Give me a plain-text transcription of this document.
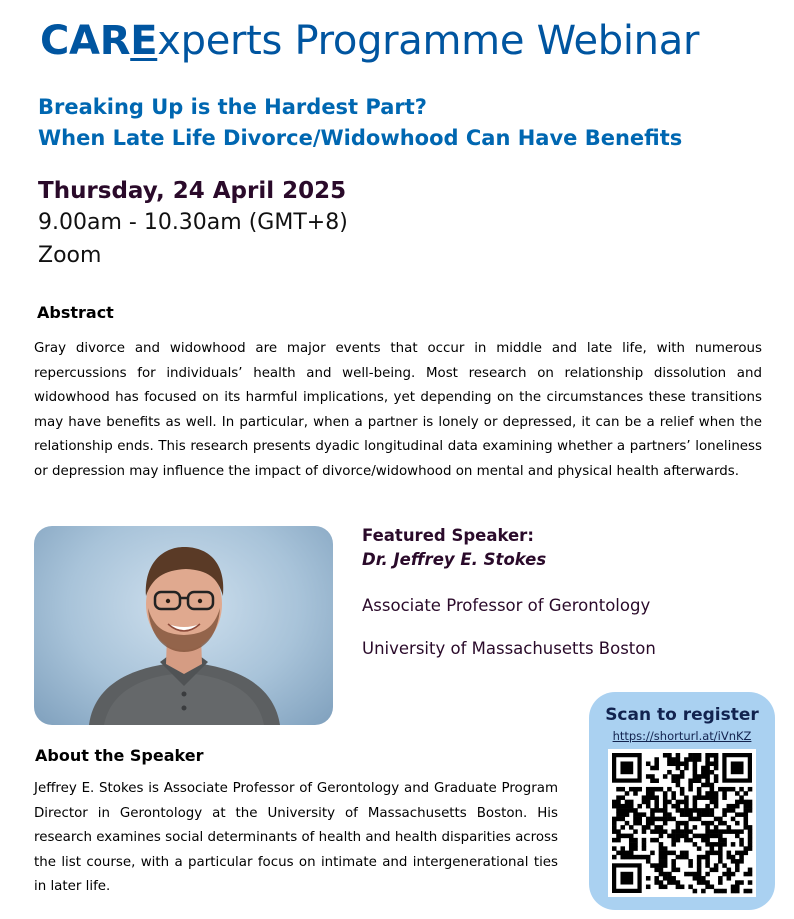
CARExperts Programme Webinar
Breaking Up is the Hardest Part?
When Late Life Divorce/Widowhood Can Have Benefits
Thursday, 24 April 2025
9.00am - 10.30am (GMT+8)
Zoom
Abstract

Gray divorce and widowhood are major events that occur in middle and late life, with numerous repercussions for individuals’ health and well-being. Most research on relationship dissolution and widowhood has focused on its harmful implications, yet depending on the circumstances these transitions may have benefits as well. In particular, when a partner is lonely or depressed, it can be a relief when the relationship ends. This research presents dyadic longitudinal data examining whether a partners’ loneliness or depression may influence the impact of divorce/widowhood on mental and physical health afterwards.

Featured Speaker:
Dr. Jeffrey E. Stokes
Associate Professor of Gerontology
University of Massachusetts Boston
About the Speaker

Jeffrey E. Stokes is Associate Professor of Gerontology and Graduate Program Director in Gerontology at the University of Massachusetts Boston. His research examines social determinants of health and health disparities across the list course, with a particular focus on intimate and intergenerational ties in later life.

Scan to register
https://shorturl.at/iVnKZ
